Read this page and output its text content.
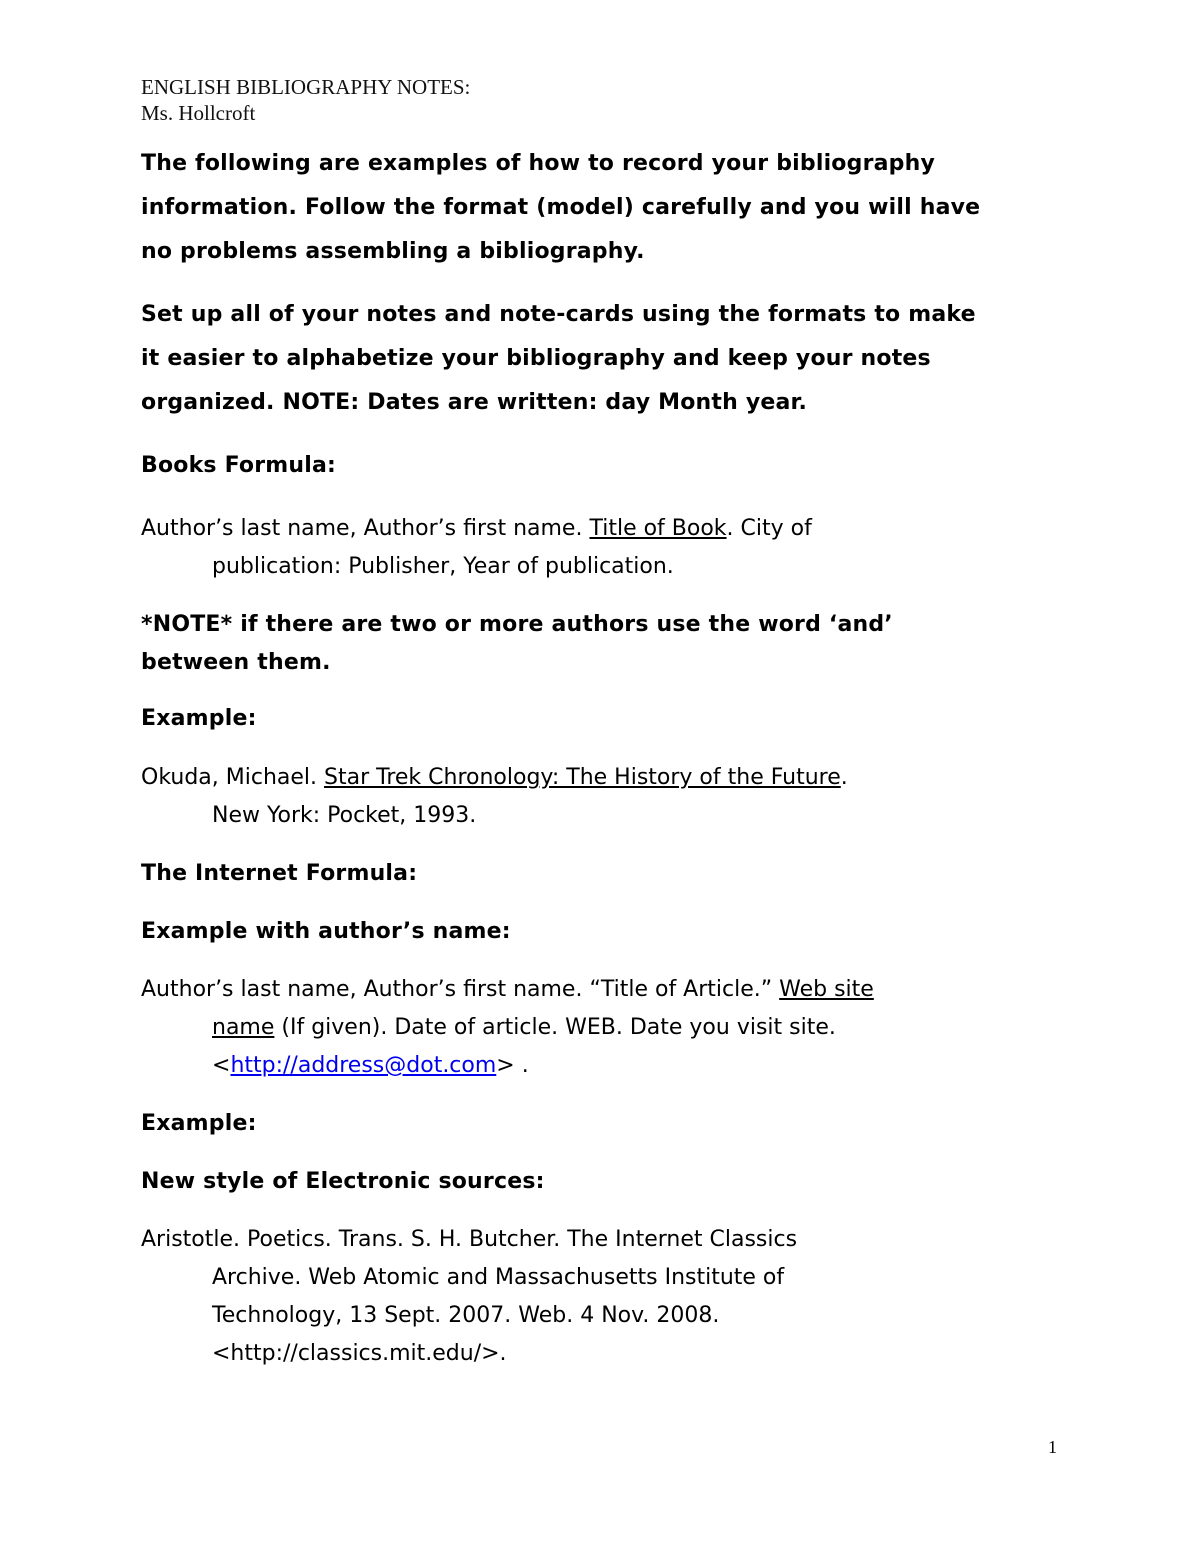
ENGLISH BIBLIOGRAPHY NOTES:
Ms. Hollcroft
The following are examples of how to record your bibliography
information. Follow the format (model) carefully and you will have
no problems assembling a bibliography.
Set up all of your notes and note-cards using the formats to make
it easier to alphabetize your bibliography and keep your notes
organized. NOTE: Dates are written: day Month year.
Books Formula:
Author’s last name, Author’s first name. Title of Book. City of
publication: Publisher, Year of publication.
*NOTE* if there are two or more authors use the word ‘and’
between them.
Example:
Okuda, Michael. Star Trek Chronology: The History of the Future.
New York: Pocket, 1993.
The Internet Formula:
Example with author’s name:
Author’s last name, Author’s first name. “Title of Article.” Web site
name (If given). Date of article. WEB. Date you visit site.
<http://address@dot.com> .
Example:
New style of Electronic sources:
Aristotle. Poetics. Trans. S. H. Butcher. The Internet Classics
Archive. Web Atomic and Massachusetts Institute of
Technology, 13 Sept. 2007. Web. 4 Nov. 2008.
<http://classics.mit.edu/>.
1
